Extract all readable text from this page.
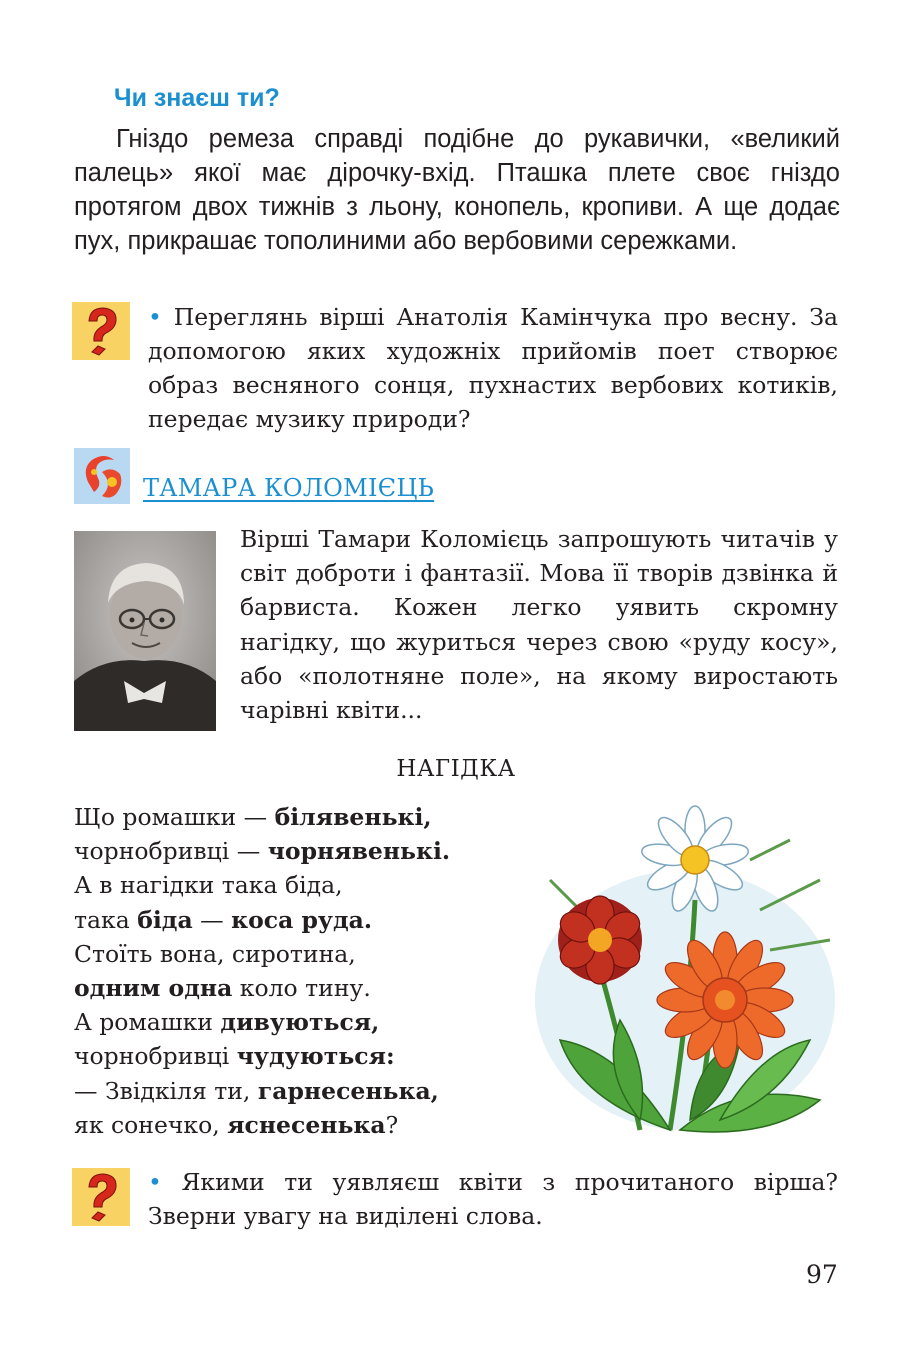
Чи знаєш ти?
Гніздо ремеза справді подібне до рукавички, «великий палець» якої має дірочку-вхід. Пташка плете своє гніздо протягом двох тижнів з льону, конопель, кропиви. А ще додає пух, прикрашає тополиними або вербовими сережками.
• Переглянь вірші Анатолія Камінчука про весну. За допомогою яких художніх прийомів поет створює образ весняного сонця, пухнастих вербових котиків, передає музику природи?
ТАМАРА КОЛОМІЄЦЬ
Вірші Тамари Коломієць запрошують читачів у світ доброти і фантазії. Мова її творів дзвінка й барвиста. Кожен легко уявить скромну нагідку, що журиться через свою «руду косу», або «полотняне поле», на якому виростають чарівні квіти...
НАГІДКА
Що ромашки — білявенькі,
чорнобривці — чорнявенькі.
А в нагідки така біда,
така біда — коса руда.
Стоїть вона, сиротина,
одним одна коло тину.
А ромашки дивуються,
чорнобривці чудуються:
— Звідкіля ти, гарнесенька,
як сонечко, яснесенька?
• Якими ти уявляєш квіти з прочитаного вірша? Зверни увагу на виділені слова.
97
